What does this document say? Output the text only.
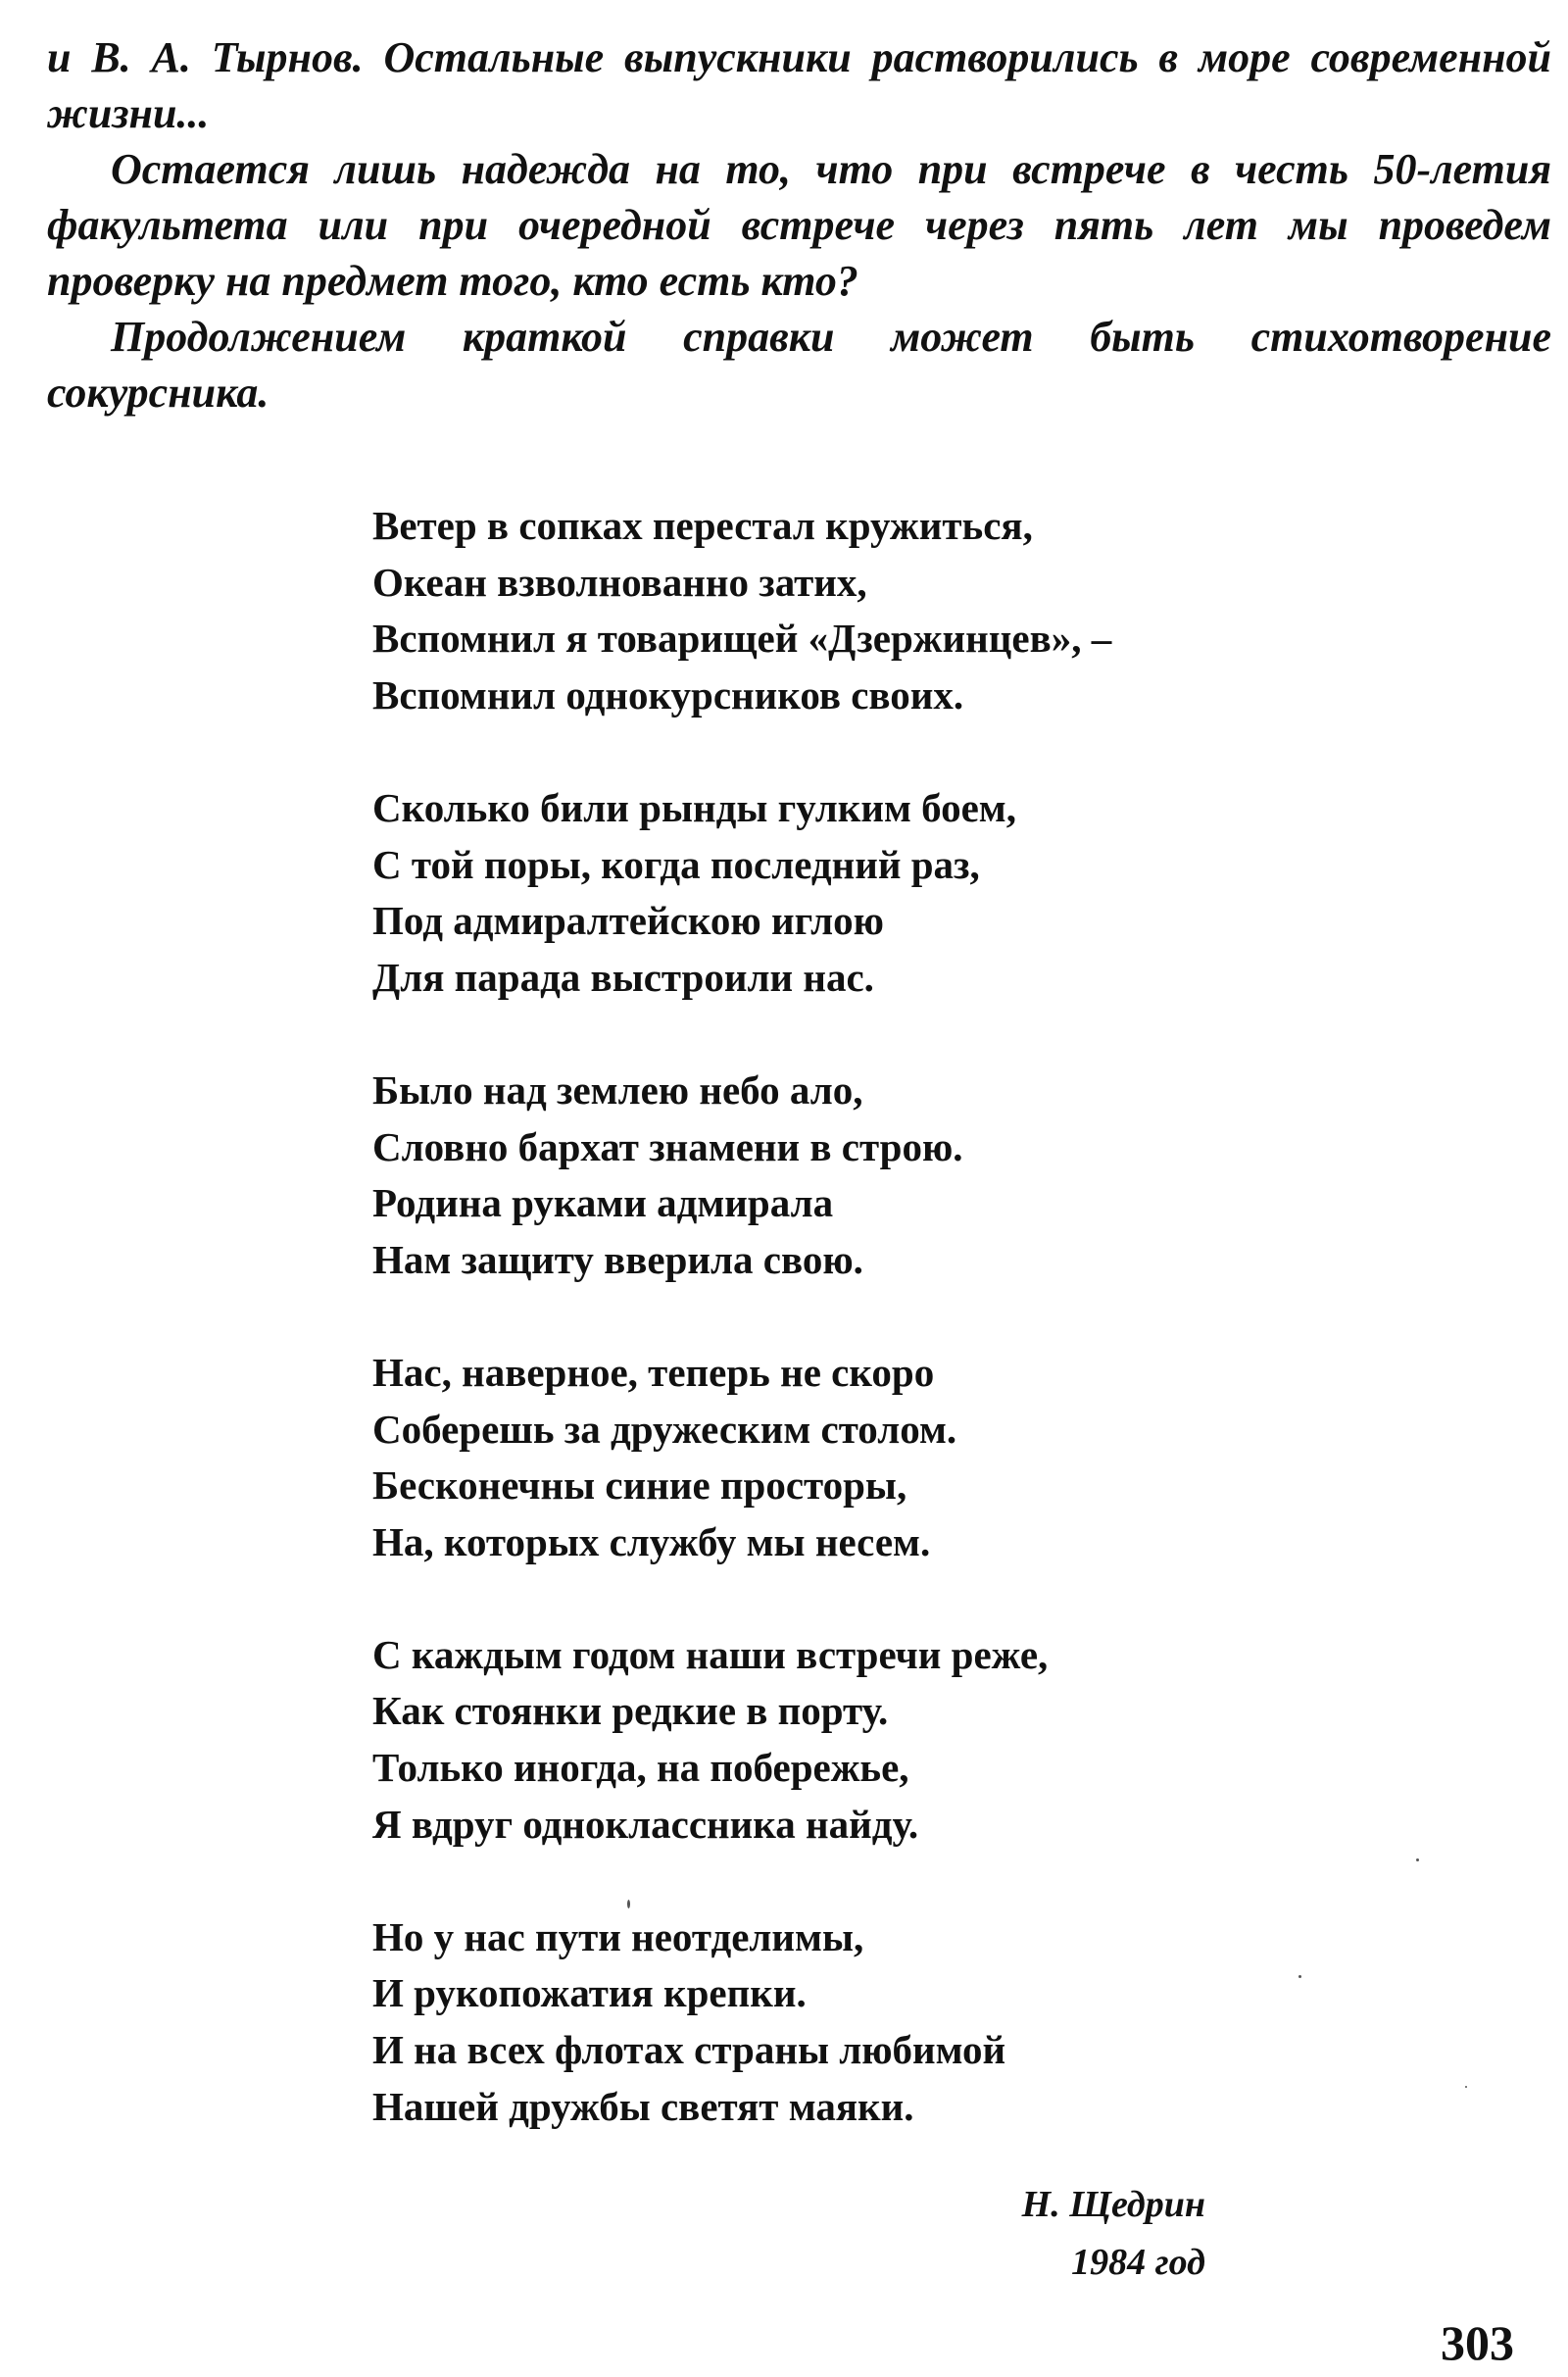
и В. А. Тырнов. Остальные выпускники растворились в море современной жизни...

Остается лишь надежда на то, что при встрече в честь 50-летия факультета или при очередной встрече через пять лет мы проведем проверку на предмет того, кто есть кто?

Продолжением краткой справки может быть стихотворение сокурсника.

Ветер в сопках перестал кружиться,
Океан взволнованно затих,
Вспомнил я товарищей «Дзержинцев», –
Вспомнил однокурсников своих.
Сколько били рынды гулким боем,
С той поры, когда последний раз,
Под адмиралтейскою иглою
Для парада выстроили нас.
Было над землею небо ало,
Словно бархат знамени в строю.
Родина руками адмирала
Нам защиту вверила свою.
Нас, наверное, теперь не скоро
Соберешь за дружеским столом.
Бесконечны синие просторы,
На, которых службу мы несем.
С каждым годом наши встречи реже,
Как стоянки редкие в порту.
Только иногда, на побережье,
Я вдруг одноклассника найду.
Но у нас пути неотделимы,
И рукопожатия крепки.
И на всех флотах страны любимой
Нашей дружбы светят маяки.
Н. Щедрин
1984 год
303
